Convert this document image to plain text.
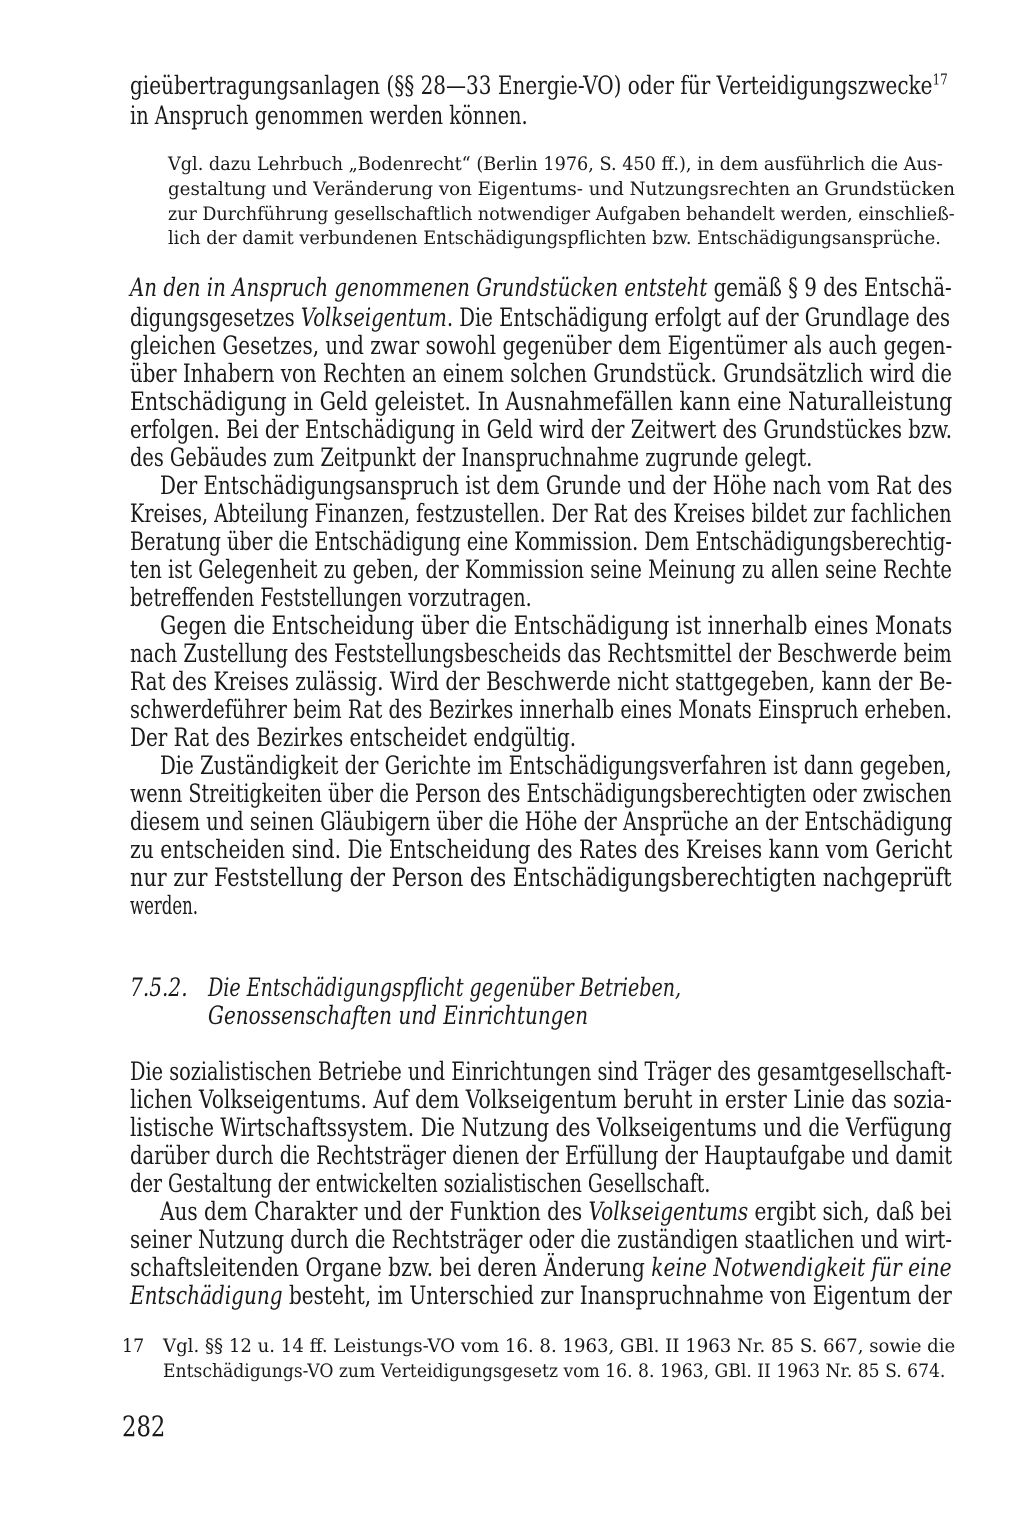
gieübertragungsanlagen (§§ 28—33 Energie-VO) oder für Verteidigungszwecke$^{17}$

in Anspruch genommen werden können.

Vgl. dazu Lehrbuch „Bodenrecht“ (Berlin 1976, S. 450 ff.), in dem ausführlich die Aus-

gestaltung und Veränderung von Eigentums- und Nutzungsrechten an Grundstücken

zur Durchführung gesellschaftlich notwendiger Aufgaben behandelt werden, einschließ-

lich der damit verbundenen Entschädigungspflichten bzw. Entschädigungsansprüche.

An den in Anspruch genommenen Grundstücken entsteht gemäß § 9 des Entschä-

digungsgesetzes Volkseigentum. Die Entschädigung erfolgt auf der Grundlage des

gleichen Gesetzes, und zwar sowohl gegenüber dem Eigentümer als auch gegen-

über Inhabern von Rechten an einem solchen Grundstück. Grundsätzlich wird die

Entschädigung in Geld geleistet. In Ausnahmefällen kann eine Naturalleistung

erfolgen. Bei der Entschädigung in Geld wird der Zeitwert des Grundstückes bzw.

des Gebäudes zum Zeitpunkt der Inanspruchnahme zugrunde gelegt.

Der Entschädigungsanspruch ist dem Grunde und der Höhe nach vom Rat des

Kreises, Abteilung Finanzen, festzustellen. Der Rat des Kreises bildet zur fachlichen

Beratung über die Entschädigung eine Kommission. Dem Entschädigungsberechtig-

ten ist Gelegenheit zu geben, der Kommission seine Meinung zu allen seine Rechte

betreffenden Feststellungen vorzutragen.

Gegen die Entscheidung über die Entschädigung ist innerhalb eines Monats

nach Zustellung des Feststellungsbescheids das Rechtsmittel der Beschwerde beim

Rat des Kreises zulässig. Wird der Beschwerde nicht stattgegeben, kann der Be-

schwerdeführer beim Rat des Bezirkes innerhalb eines Monats Einspruch erheben.

Der Rat des Bezirkes entscheidet endgültig.

Die Zuständigkeit der Gerichte im Entschädigungsverfahren ist dann gegeben,

wenn Streitigkeiten über die Person des Entschädigungsberechtigten oder zwischen

diesem und seinen Gläubigern über die Höhe der Ansprüche an der Entschädigung

zu entscheiden sind. Die Entscheidung des Rates des Kreises kann vom Gericht

nur zur Feststellung der Person des Entschädigungsberechtigten nachgeprüft

werden.

7.5.2. Die Entschädigungspflicht gegenüber Betrieben,

Genossenschaften und Einrichtungen

Die sozialistischen Betriebe und Einrichtungen sind Träger des gesamtgesellschaft-

lichen Volkseigentums. Auf dem Volkseigentum beruht in erster Linie das sozia-

listische Wirtschaftssystem. Die Nutzung des Volkseigentums und die Verfügung

darüber durch die Rechtsträger dienen der Erfüllung der Hauptaufgabe und damit

der Gestaltung der entwickelten sozialistischen Gesellschaft.

Aus dem Charakter und der Funktion des Volkseigentums ergibt sich, daß bei

seiner Nutzung durch die Rechtsträger oder die zuständigen staatlichen und wirt-

schaftsleitenden Organe bzw. bei deren Änderung keine Notwendigkeit für eine

Entschädigung besteht, im Unterschied zur Inanspruchnahme von Eigentum der

17 Vgl. §§ 12 u. 14 ff. Leistungs-VO vom 16. 8. 1963, GBl. II 1963 Nr. 85 S. 667, sowie die

Entschädigungs-VO zum Verteidigungsgesetz vom 16. 8. 1963, GBl. II 1963 Nr. 85 S. 674.

282
